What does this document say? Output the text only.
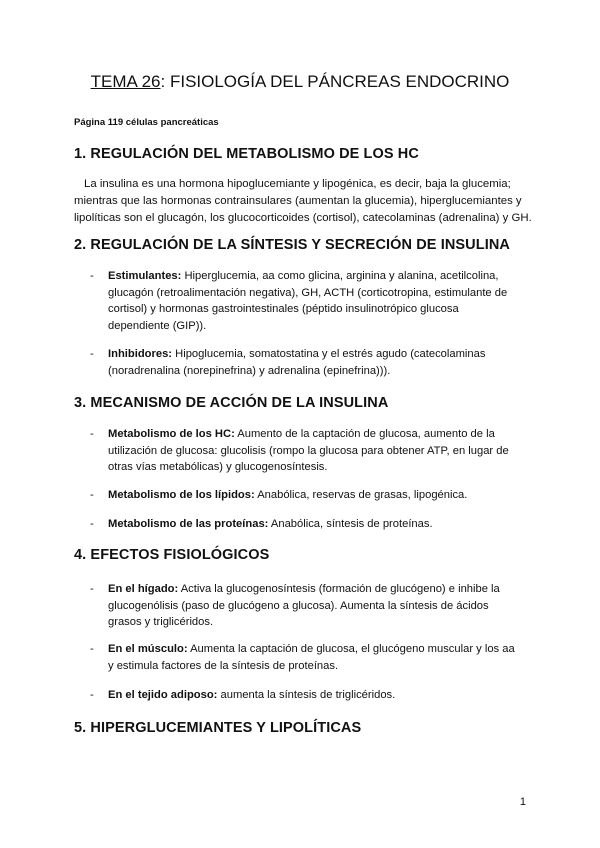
TEMA 26: FISIOLOGÍA DEL PÁNCREAS ENDOCRINO
Página 119 células pancreáticas
1. REGULACIÓN DEL METABOLISMO DE LOS HC

La insulina es una hormona hipoglucemiante y lipogénica, es decir, baja la glucemia; mientras que las hormonas contrainsulares (aumentan la glucemia), hiperglucemiantes y lipolíticas son el glucagón, los glucocorticoides (cortisol), catecolaminas (adrenalina) y GH.

2. REGULACIÓN DE LA SÍNTESIS Y SECRECIÓN DE INSULINA
- Estimulantes: Hiperglucemia, aa como glicina, arginina y alanina, acetilcolina, glucagón (retroalimentación negativa), GH, ACTH (corticotropina, estimulante de cortisol) y hormonas gastrointestinales (péptido insulinotrópico glucosa dependiente (GIP)).
- Inhibidores: Hipoglucemia, somatostatina y el estrés agudo (catecolaminas (noradrenalina (norepinefrina) y adrenalina (epinefrina))).
3. MECANISMO DE ACCIÓN DE LA INSULINA
- Metabolismo de los HC: Aumento de la captación de glucosa, aumento de la utilización de glucosa: glucolisis (rompo la glucosa para obtener ATP, en lugar de otras vías metabólicas) y glucogenosíntesis.
- Metabolismo de los lípidos: Anabólica, reservas de grasas, lipogénica.
- Metabolismo de las proteínas: Anabólica, síntesis de proteínas.
4. EFECTOS FISIOLÓGICOS
- En el hígado: Activa la glucogenosíntesis (formación de glucógeno) e inhibe la glucogenólisis (paso de glucógeno a glucosa). Aumenta la síntesis de ácidos grasos y triglicéridos.
- En el músculo: Aumenta la captación de glucosa, el glucógeno muscular y los aa y estimula factores de la síntesis de proteínas.
- En el tejido adiposo: aumenta la síntesis de triglicéridos.
5. HIPERGLUCEMIANTES Y LIPOLÍTICAS
1
